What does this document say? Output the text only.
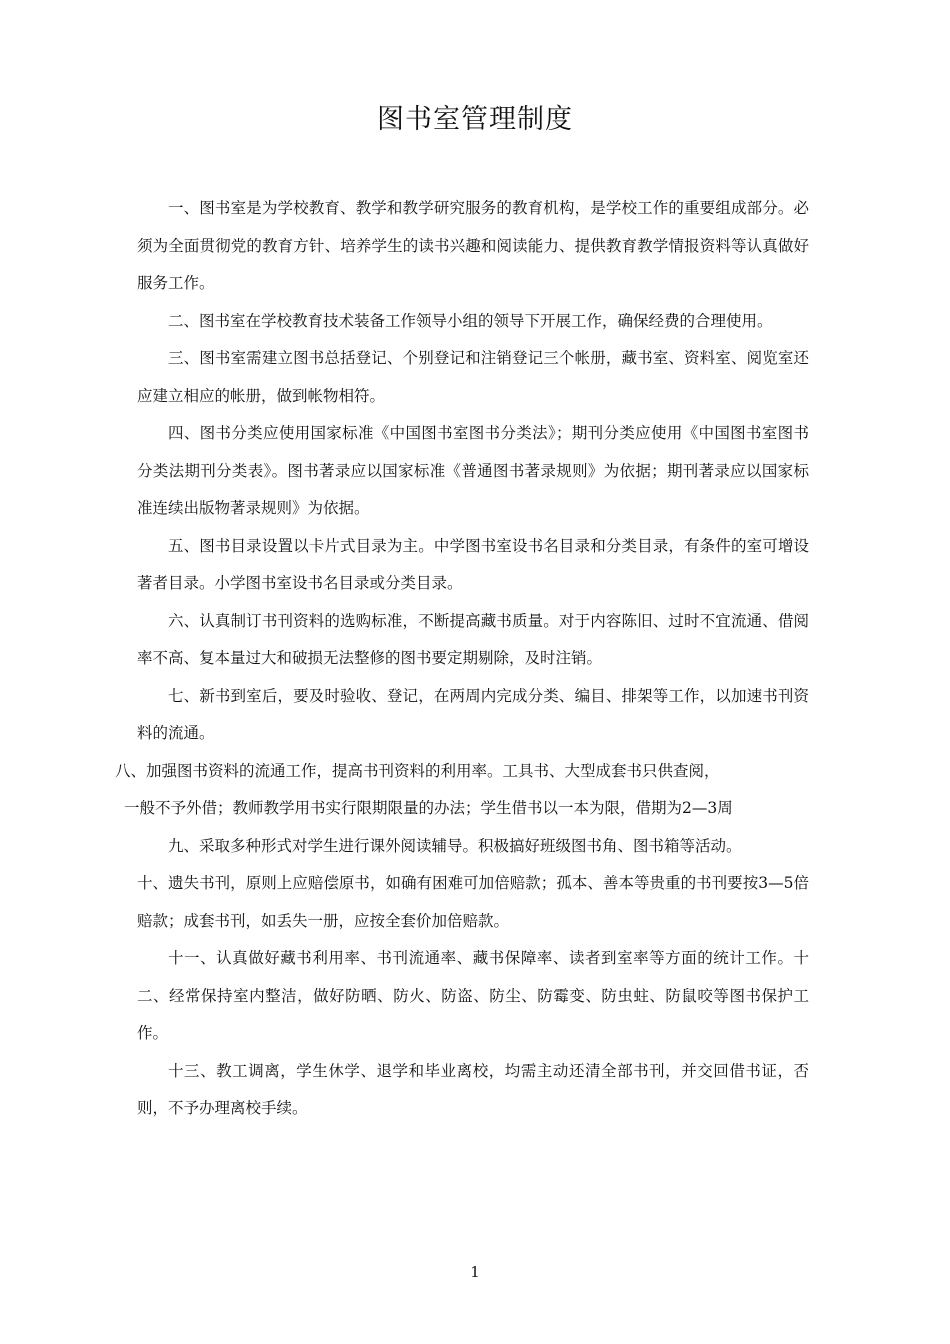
图书室管理制度

一、图书室是为学校教育、教学和教学研究服务的教育机构，是学校工作的重要组成部分。必须为全面贯彻党的教育方针、培养学生的读书兴趣和阅读能力、提供教育教学情报资料等认真做好服务工作。

二、图书室在学校教育技术装备工作领导小组的领导下开展工作，确保经费的合理使用。

三、图书室需建立图书总括登记、个别登记和注销登记三个帐册，藏书室、资料室、阅览室还应建立相应的帐册，做到帐物相符。

四、图书分类应使用国家标准《中国图书室图书分类法》；期刊分类应使用《中国图书室图书分类法期刊分类表》。图书著录应以国家标准《普通图书著录规则》为依据；期刊著录应以国家标准连续出版物著录规则》为依据。

五、图书目录设置以卡片式目录为主。中学图书室设书名目录和分类目录，有条件的室可增设著者目录。小学图书室设书名目录或分类目录。

六、认真制订书刊资料的选购标准，不断提高藏书质量。对于内容陈旧、过时不宜流通、借阅率不高、复本量过大和破损无法整修的图书要定期剔除，及时注销。

七、新书到室后，要及时验收、登记，在两周内完成分类、编目、排架等工作，以加速书刊资料的流通。

八、加强图书资料的流通工作，提高书刊资料的利用率。工具书、大型成套书只供查阅，
一般不予外借；教师教学用书实行限期限量的办法；学生借书以一本为限，借期为2—3周

九、采取多种形式对学生进行课外阅读辅导。积极搞好班级图书角、图书箱等活动。

十、遗失书刊，原则上应赔偿原书，如确有困难可加倍赔款；孤本、善本等贵重的书刊要按3—5倍赔款；成套书刊，如丢失一册，应按全套价加倍赔款。

十一、认真做好藏书利用率、书刊流通率、藏书保障率、读者到室率等方面的统计工作。十二、经常保持室内整洁，做好防晒、防火、防盗、防尘、防霉变、防虫蛀、防鼠咬等图书保护工作。

十三、教工调离，学生休学、退学和毕业离校，均需主动还清全部书刊，并交回借书证，否则，不予办理离校手续。

1
